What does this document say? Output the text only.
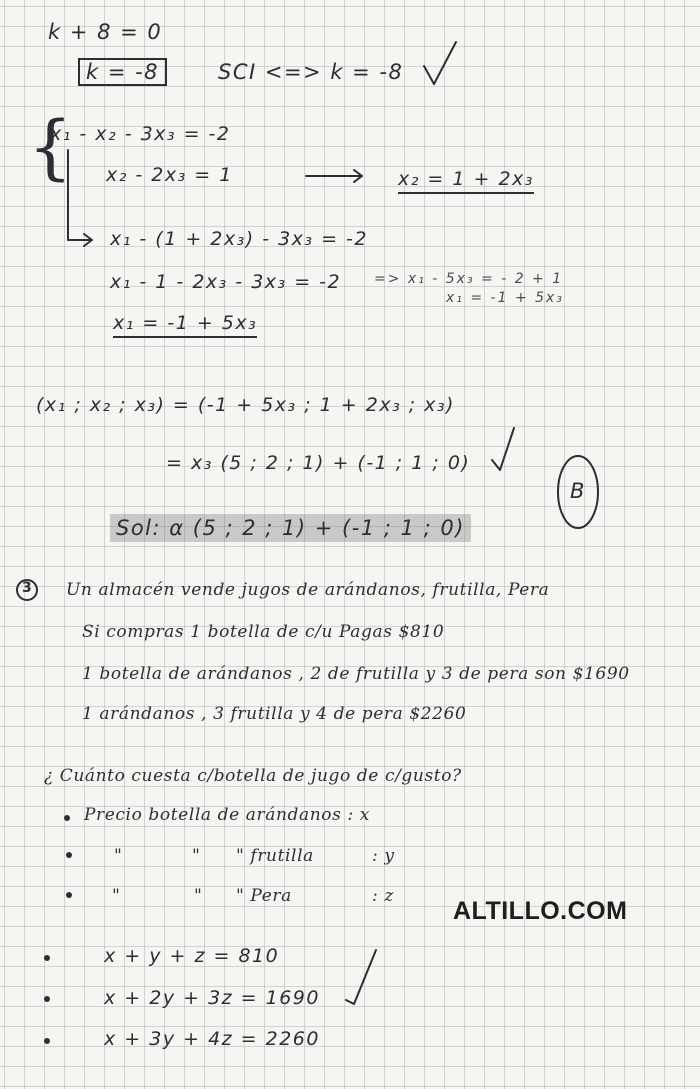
k + 8 = 0
k = -8	SCI <=> k = -8
{
x₁ - x₂ - 3x₃ = -2
x₂ - 2x₃ = 1	x₂ = 1 + 2x₃
x₁ - (1 + 2x₃) - 3x₃ = -2
x₁ - 1 - 2x₃ - 3x₃ = -2 => x₁ - 5x₃ = - 2 + 1
x₁ = -1 + 5x₃
x₁ = -1 + 5x₃
(x₁ ; x₂ ; x₃) = (-1 + 5x₃ ; 1 + 2x₃ ; x₃)
= x₃ (5 ; 2 ; 1) + (-1 ; 1 ; 0)
Sol: α (5 ; 2 ; 1) + (-1 ; 1 ; 0)
B
3 Un almacén vende jugos de arándanos, frutilla, Pera
Si compras 1 botella de c/u Pagas $810
1 botella de arándanos , 2 de frutilla y 3 de pera son $1690
1 arándanos , 3 frutilla y 4 de pera $2260
¿ Cuánto cuesta c/botella de jugo de c/gusto?
Precio botella de arándanos : x
"	" " frutilla	: y
"	" " Pera	: z
x + y + z = 810
x + 2y + 3z = 1690
x + 3y + 4z = 2260
ALTILLO.COM
